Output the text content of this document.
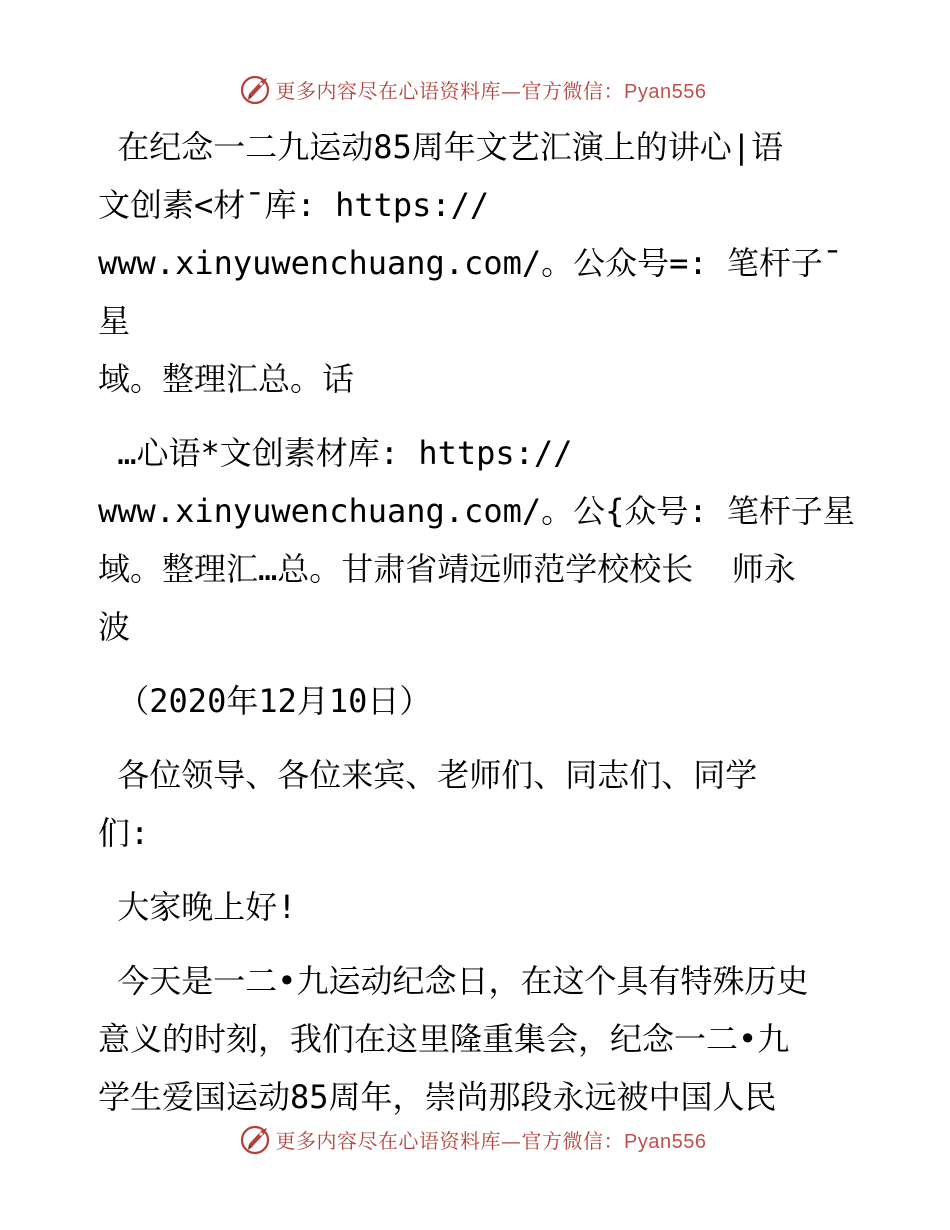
更多内容尽在心语资料库—官方微信：Pyan556

在纪念一二九运动85周年文艺汇演上的讲心|语

文创素<材¯库: https://

www.xinyuwenchuang.com/。公众号=: 笔杆子¯星

域。整理汇总。话

…心语*文创素材库: https://

www.xinyuwenchuang.com/。公{众号: 笔杆子星

域。整理汇…总。甘肃省靖远师范学校校长  师永

波

（2020年12月10日）

各位领导、各位来宾、老师们、同志们、同学

们:

大家晚上好!

今天是一二•九运动纪念日，在这个具有特殊历史

意义的时刻，我们在这里隆重集会，纪念一二•九

学生爱国运动85周年，崇尚那段永远被中国人民

更多内容尽在心语资料库—官方微信：Pyan556
